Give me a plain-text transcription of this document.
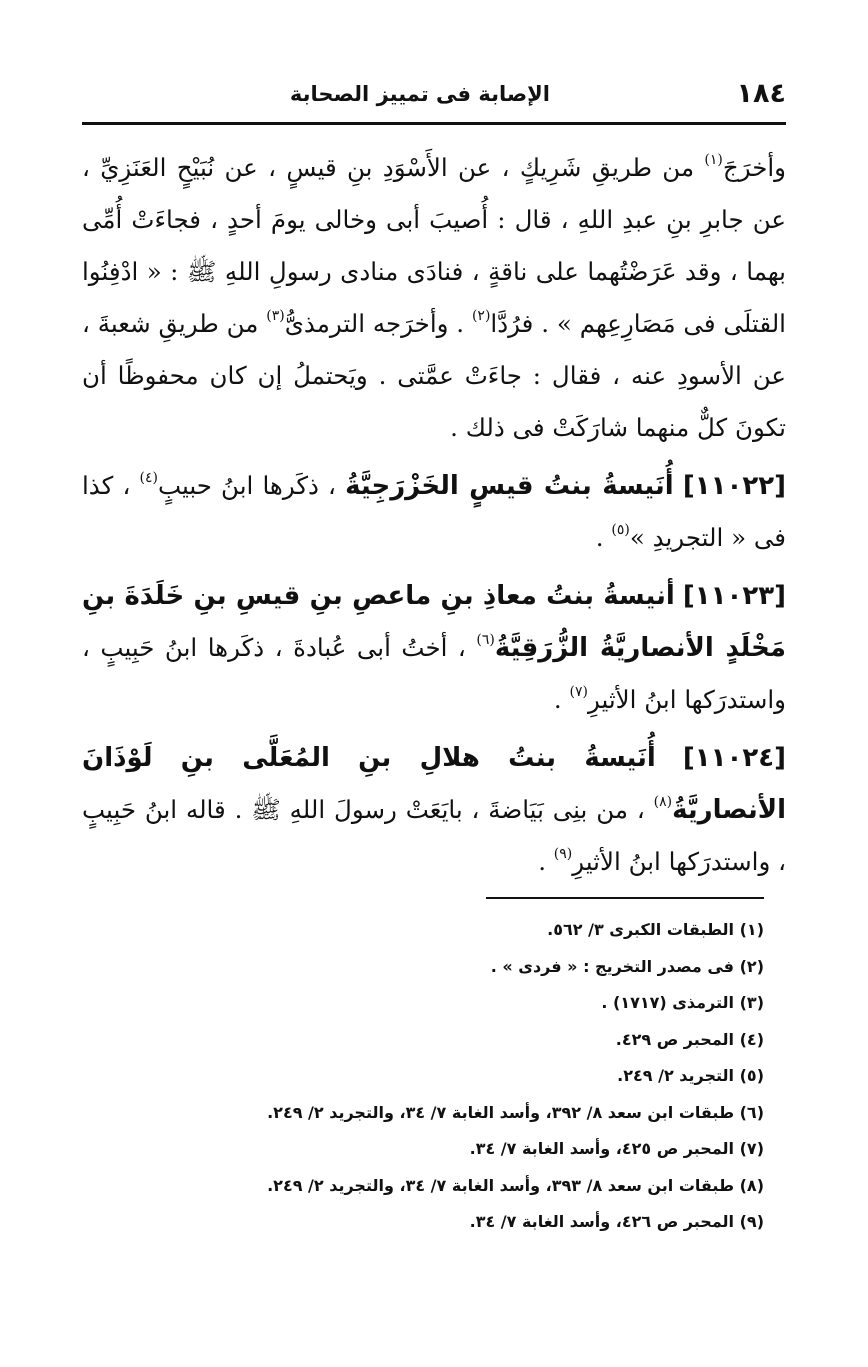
١٨٤
الإصابة فى تمييز الصحابة

وأخرَجَ$^{(١)}$ من طريقِ شَرِيكٍ ، عن الأَسْوَدِ بنِ قيسٍ ، عن نُبَيْحٍ العَنَزِيِّ ، عن جابرِ بنِ عبدِ اللهِ ، قال : أُصيبَ أبى وخالى يومَ أحدٍ ، فجاءَتْ أُمِّى بهما ، وقد عَرَضْتُهما على ناقةٍ ، فنادَى منادى رسولِ اللهِ ﷺ : « ادْفِنُوا القتلَى فى مَصَارِعِهم » . فرُدَّا$^{(٢)}$ . وأخرَجه الترمذىُّ$^{(٣)}$ من طريقِ شعبةَ ، عن الأسودِ عنه ، فقال : جاءَتْ عمَّتى . ويَحتملُ إن كان محفوظًا أن تكونَ كلٌّ منهما شارَكَتْ فى ذلك .

[١١٠٢٢] أُنَيسةُ بنتُ قيسٍ الخَزْرَجِيَّةُ ، ذكَرها ابنُ حبيبٍ$^{(٤)}$ ، كذا فى « التجريدِ »$^{(٥)}$ .

[١١٠٢٣] أنيسةُ بنتُ معاذِ بنِ ماعصِ بنِ قيسِ بنِ خَلَدَةَ بنِ مَخْلَدٍ الأنصاريَّةُ الزُّرَقِيَّةُ$^{(٦)}$ ، أختُ أبى عُبادةَ ، ذكَرها ابنُ حَبِيبٍ ، واستدرَكها ابنُ الأثيرِ$^{(٧)}$ .

[١١٠٢٤] أُنَيسةُ بنتُ هلالِ بنِ المُعَلَّى بنِ لَوْذَانَ الأنصاريَّةُ$^{(٨)}$ ، من بنِى بَيَاضةَ ، بايَعَتْ رسولَ اللهِ ﷺ . قاله ابنُ حَبِيبٍ ، واستدرَكها ابنُ الأثيرِ$^{(٩)}$ .

(١) الطبقات الكبرى ٣/ ٥٦٢.
(٢) فى مصدر التخريج : « فردى » .
(٣) الترمذى (١٧١٧) .
(٤) المحبر ص ٤٢٩.
(٥) التجريد ٢/ ٢٤٩.
(٦) طبقات ابن سعد ٨/ ٣٩٢، وأسد الغابة ٧/ ٣٤، والتجريد ٢/ ٢٤٩.
(٧) المحبر ص ٤٢٥، وأسد الغابة ٧/ ٣٤.
(٨) طبقات ابن سعد ٨/ ٣٩٣، وأسد الغابة ٧/ ٣٤، والتجريد ٢/ ٢٤٩.
(٩) المحبر ص ٤٢٦، وأسد الغابة ٧/ ٣٤.
